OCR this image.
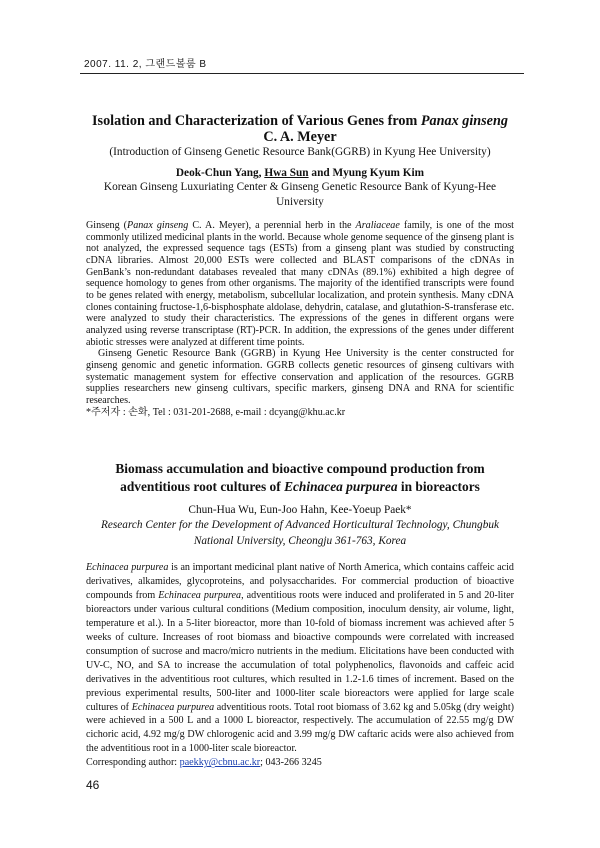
2007. 11. 2, 그랜드볼룸 B
Isolation and Characterization of Various Genes from Panax ginseng
C. A. Meyer
(Introduction of Ginseng Genetic Resource Bank(GGRB) in Kyung Hee University)
Deok-Chun Yang, Hwa Sun and Myung Kyum Kim
Korean Ginseng Luxuriating Center & Ginseng Genetic Resource Bank of Kyung-Hee University

Ginseng (Panax ginseng C. A. Meyer), a perennial herb in the Araliaceae family, is one of the most commonly utilized medicinal plants in the world. Because whole genome sequence of the ginseng plant is not analyzed, the expressed sequence tags (ESTs) from a ginseng plant was studied by constructing cDNA libraries. Almost 20,000 ESTs were collected and BLAST comparisons of the cDNAs in GenBank’s non-redundant databases revealed that many cDNAs (89.1%) exhibited a high degree of sequence homology to genes from other organisms. The majority of the identified transcripts were found to be genes related with energy, metabolism, subcellular localization, and protein synthesis. Many cDNA clones containing fructose-1,6-bisphosphate aldolase, dehydrin, catalase, and glutathion-S-transferase etc. were analyzed to study their characteristics. The expressions of the genes in different organs were analyzed using reverse transcriptase (RT)-PCR. In addition, the expressions of the genes under different abiotic stresses were analyzed at different time points.

Ginseng Genetic Resource Bank (GGRB) in Kyung Hee University is the center constructed for ginseng genomic and genetic information. GGRB collects genetic resources of ginseng cultivars with systematic management system for effective conservation and application of the resources. GGRB supplies researchers new ginseng cultivars, specific markers, ginseng DNA and RNA for scientific researches.

*주저자 : 손화, Tel : 031-201-2688, e-mail : dcyang@khu.ac.kr

Biomass accumulation and bioactive compound production from
adventitious root cultures of Echinacea purpurea in bioreactors
Chun-Hua Wu, Eun-Joo Hahn, Kee-Yoeup Paek*
Research Center for the Development of Advanced Horticultural Technology, Chungbuk
National University, Cheongju 361-763, Korea

Echinacea purpurea is an important medicinal plant native of North America, which contains caffeic acid derivatives, alkamides, glycoproteins, and polysaccharides. For commercial production of bioactive compounds from Echinacea purpurea, adventitious roots were induced and proliferated in 5 and 20-liter bioreactors under various cultural conditions (Medium composition, inoculum density, air volume, light, temperature et al.). In a 5-liter bioreactor, more than 10-fold of biomass increment was achieved after 5 weeks of culture. Increases of root biomass and bioactive compounds were correlated with increased consumption of sucrose and macro/micro nutrients in the medium. Elicitations have been conducted with UV-C, NO, and SA to increase the accumulation of total polyphenolics, flavonoids and caffeic acid derivatives in the adventitious root cultures, which resulted in 1.2-1.6 times of increment. Based on the previous experimental results, 500-liter and 1000-liter scale bioreactors were applied for large scale cultures of Echinacea purpurea adventitious roots. Total root biomass of 3.62 kg and 5.05kg (dry weight) were achieved in a 500 L and a 1000 L bioreactor, respectively. The accumulation of 22.55 mg/g DW cichoric acid, 4.92 mg/g DW chlorogenic acid and 3.99 mg/g DW caftaric acids were also achieved from the adventitious root in a 1000-liter scale bioreactor.

Corresponding author: paekky@cbnu.ac.kr; 043-266 3245

46
